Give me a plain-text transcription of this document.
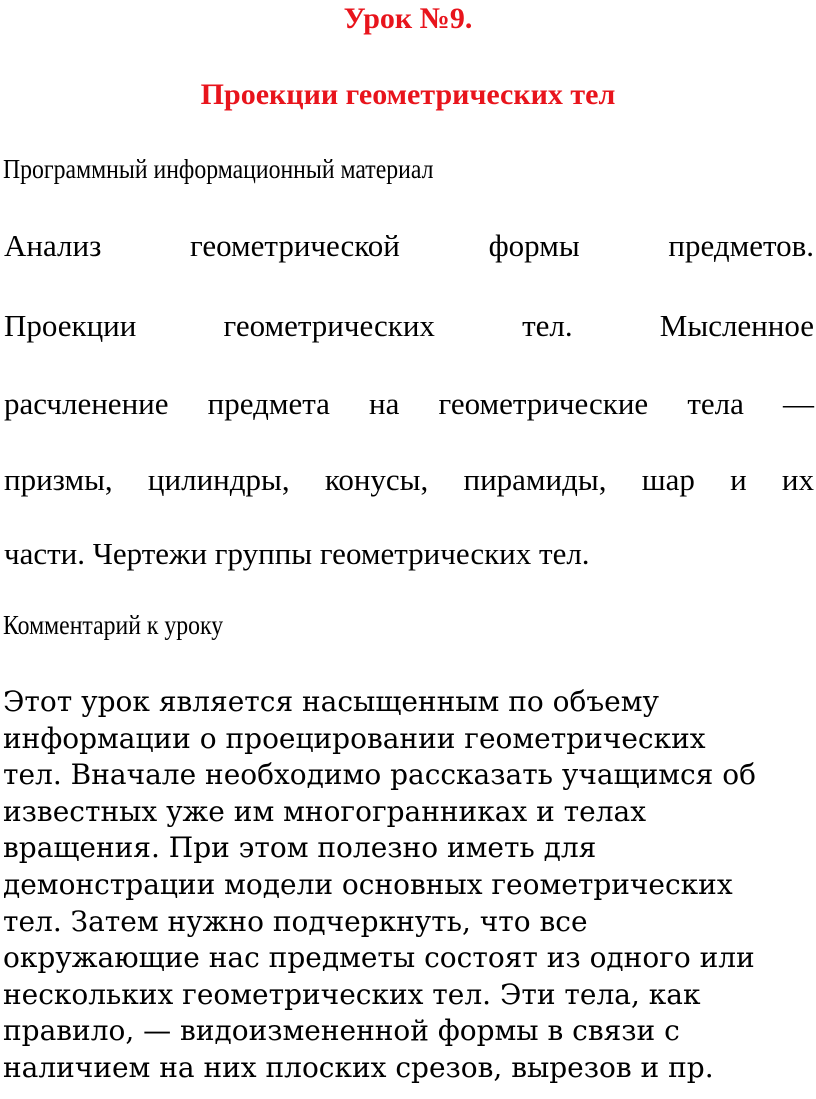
Урок №9.
Проекции геометрических тел

Программный информационный материал

Анализ геометрической формы предметов.

Проекции геометрических тел. Мысленное

расчленение предмета на геометрические тела —

призмы, цилиндры, конусы, пирамиды, шар и их

части. Чертежи группы геометрических тел.

Комментарий к уроку

Этот урок является насыщенным по объему
информации о проецировании геометрических
тел. Вначале необходимо рассказать учащимся об
известных уже им многогранниках и телах
вращения. При этом полезно иметь для
демонстрации модели основных геометрических
тел. Затем нужно подчеркнуть, что все
окружающие нас предметы состоят из одного или
нескольких геометрических тел. Эти тела, как
правило, — видоизмененной формы в связи с
наличием на них плоских срезов, вырезов и пр.
